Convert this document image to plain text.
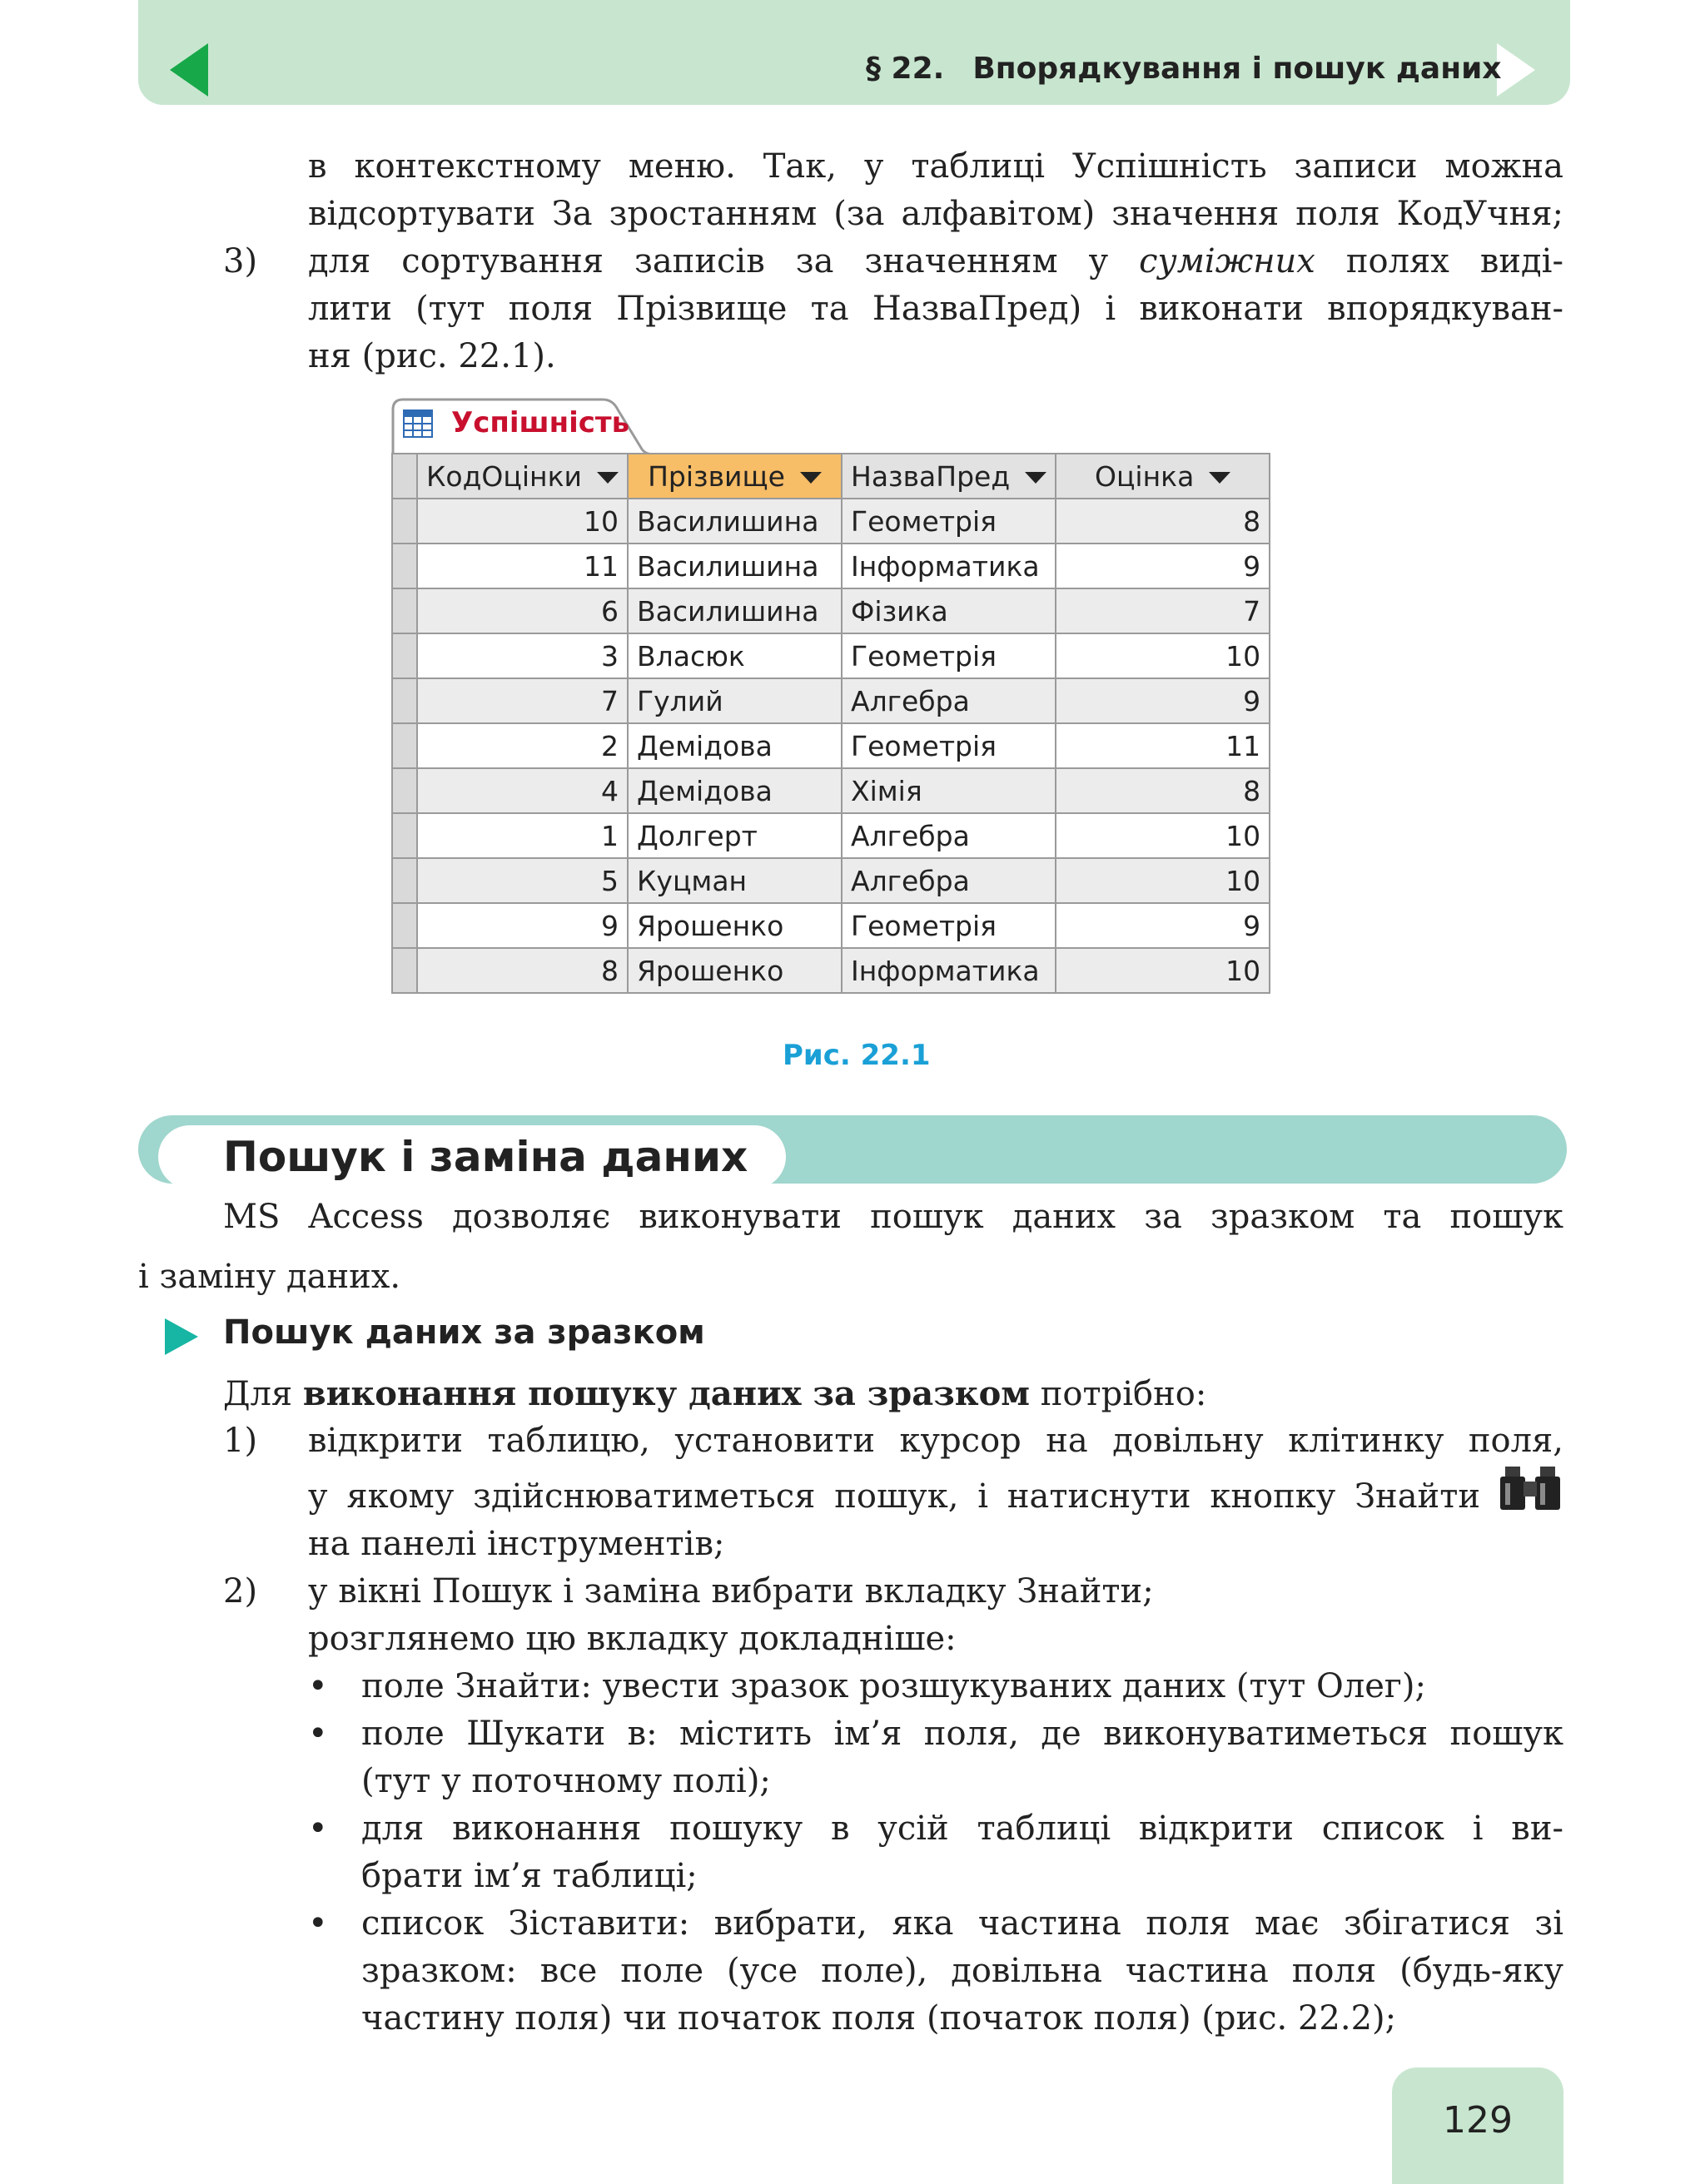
§ 22. Впорядкування і пошук даних
в контекстному меню. Так, у таблиці Успішність записи можна
відсортувати За зростанням (за алфавітом) значення поля КодУчня;
3) для сортування записів за значенням у суміжних полях виді-
лити (тут поля Прізвище та НазваПред) і виконати впорядкуван-
ня (рис. 22.1).
Успішність
	КодОцінки	Прізвище	НазваПред	Оцінка
	10	Василишина	Геометрія	8
	11	Василишина	Інформатика	9
	6	Василишина	Фізика	7
	3	Власюк	Геометрія	10
	7	Гулий	Алгебра	9
	2	Демідова	Геометрія	11
	4	Демідова	Хімія	8
	1	Долгерт	Алгебра	10
	5	Куцман	Алгебра	10
	9	Ярошенко	Геометрія	9
	8	Ярошенко	Інформатика	10
Рис. 22.1
Пошук і заміна даних
MS Access дозволяє виконувати пошук даних за зразком та пошук
і заміну даних.
Пошук даних за зразком
Для виконання пошуку даних за зразком потрібно:
1) відкрити таблицю, установити курсор на довільну клітинку поля,
у якому здійснюватиметься пошук, і натиснути кнопку Знайти
на панелі інструментів;
2) у вікні Пошук і заміна вибрати вкладку Знайти;
розглянемо цю вкладку докладніше:
• поле Знайти: увести зразок розшукуваних даних (тут Олег);
• поле Шукати в: містить ім’я поля, де виконуватиметься пошук
(тут у поточному полі);
• для виконання пошуку в усій таблиці відкрити список і ви-
брати ім’я таблиці;
• список Зіставити: вибрати, яка частина поля має збігатися зі
зразком: все поле (усе поле), довільна частина поля (будь-яку
частину поля) чи початок поля (початок поля) (рис. 22.2);
129
